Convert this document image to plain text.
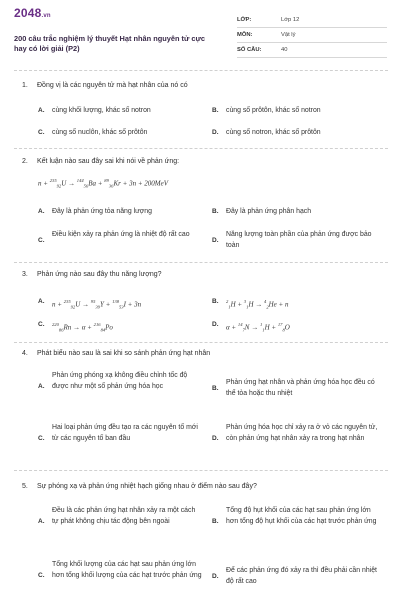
2048.vn
200 câu trắc nghiệm lý thuyết Hạt nhân nguyên tử cực hay có lời giải (P2)
LỚP:	Lớp 12
MÔN:	Vật lý
SỐ CÂU:	40
1. Đồng vị là các nguyên tử mà hạt nhân của nó có
A. cùng khối lượng, khác số notron	B. cùng số prôtôn, khác số notron
C. cùng số nuclôn, khác số prôtôn	D. cùng số notron, khác số prôtôn
2. Kết luận nào sau đây sai khi nói về phản ứng:
n + $^{235}_{92}$U → $^{144}_{56}$Ba + $^{89}_{36}$Kr + 3n + 200MeV
A. Đây là phản ứng tỏa năng lượng	B. Đây là phản ứng phân hạch
C.
Điều kiện xảy ra phản ứng là nhiệt độ rất cao
D.
Năng lượng toàn phần của phản ứng được bảo toàn
3. Phản ứng nào sau đây thu năng lượng?
A. n + $^{235}_{92}$U → $^{95}_{39}$Y + $^{138}_{53}$I + 3n	B. $^2_1$H + $^3_1$H → $^4_2$He + n
C. $^{220}_{86}$Rn → α + $^{216}_{84}$Po	D. α + $^{14}_7$N → $^1_1$H + $^{17}_8$O
4. Phát biểu nào sau là sai khi so sánh phản ứng hạt nhân
A.
Phản ứng phóng xạ không điều chỉnh tốc độ được như một số phản ứng hóa học	B.
Phản ứng hạt nhân và phản ứng hóa học đều có thể tỏa hoặc thu nhiệt
C.
Hai loại phản ứng đều tạo ra các nguyên tố mới từ các nguyên tố ban đầu	D.
Phản ứng hóa học chỉ xảy ra ở vỏ các nguyên tử, còn phản ứng hạt nhân xảy ra trong hạt nhân
5. Sự phóng xạ và phản ứng nhiệt hạch giống nhau ở điểm nào sau đây?
A.
Đều là các phản ứng hạt nhân xảy ra một cách tự phát không chịu tác động bên ngoài	B.
Tổng độ hụt khối của các hạt sau phản ứng lớn hơn tổng độ hụt khối của các hạt trước phản ứng
C.
Tổng khối lượng của các hạt sau phản ứng lớn hơn tổng khối lượng của các hạt trước phản ứng D.
Để các phản ứng đó xảy ra thì đều phải cần nhiệt độ rất cao
